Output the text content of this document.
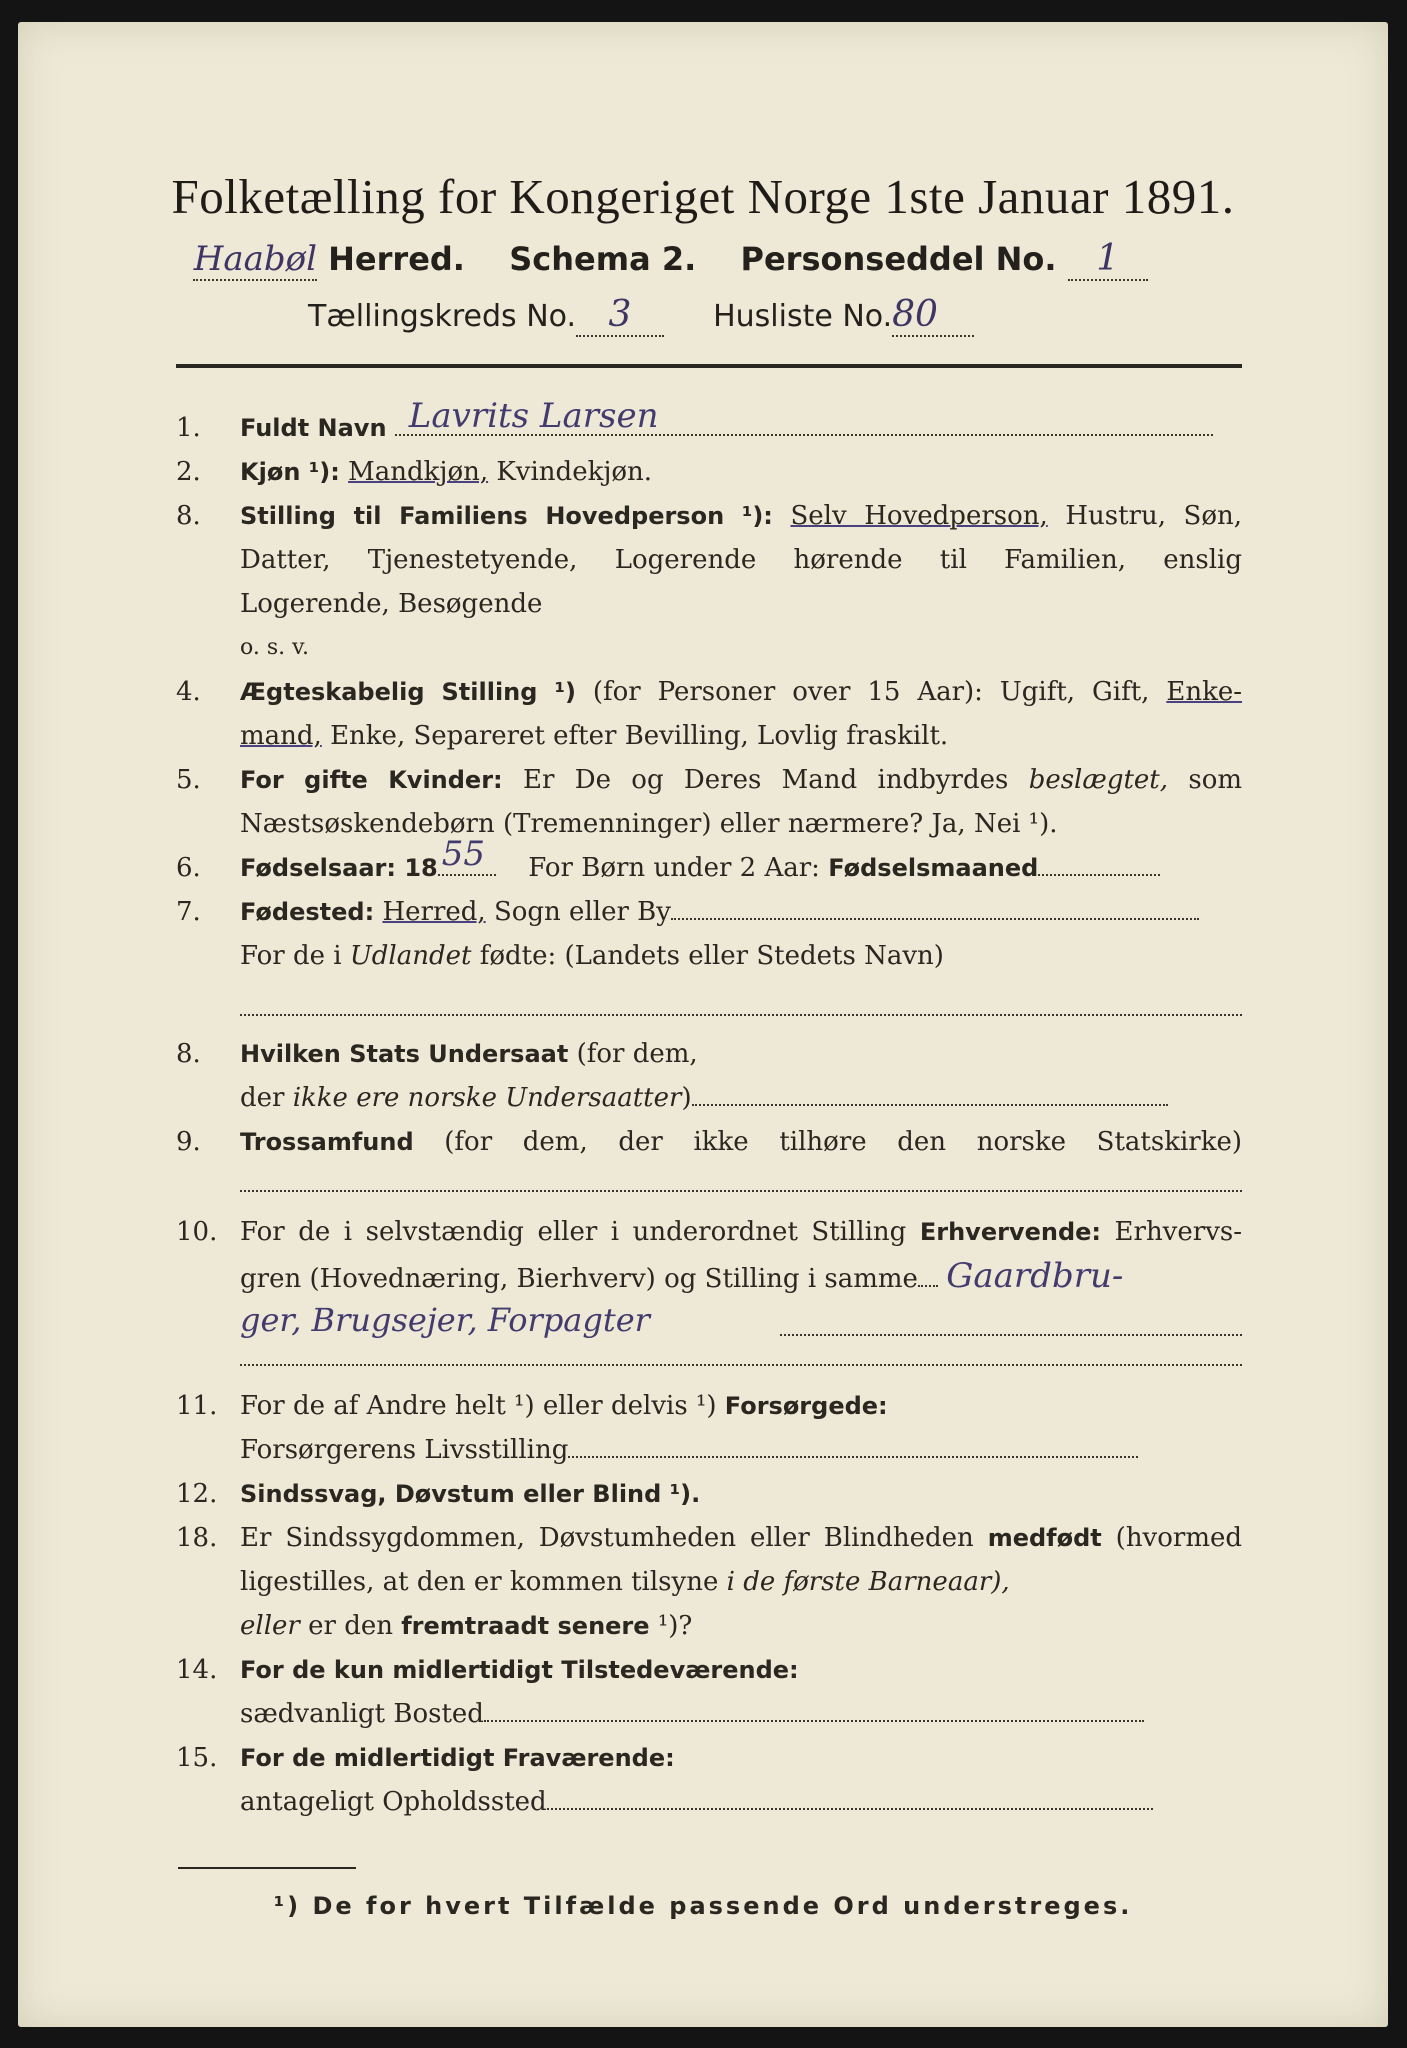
Folketælling for Kongeriget Norge 1ste Januar 1891.
Haabøl Herred. Schema 2. Personseddel No. 1
Tællingskreds No. 3	Husliste No.80
1.	Fuldt Navn Lavrits Larsen
2.	Kjøn ¹): Mandkjøn, Kvindekjøn.
8.	Stilling til Familiens Hovedperson ¹): Selv Hovedperson, Hustru, Søn,
Datter, Tjenestetyende, Logerende hørende til Familien, enslig
Logerende, Besøgende
o. s. v.
4.	Ægteskabelig Stilling ¹) (for Personer over 15 Aar): Ugift, Gift, Enke-
mand, Enke, Separeret efter Bevilling, Lovlig fraskilt.
5.	For gifte Kvinder: Er De og Deres Mand indbyrdes beslægtet, som
Næstsøskendebørn (Tremenninger) eller nærmere? Ja, Nei ¹).
6.	Fødselsaar: 18 55 For Børn under 2 Aar: Fødselsmaaned
7.	Fødested: Herred, Sogn eller By
For de i Udlandet fødte: (Landets eller Stedets Navn)
8.	Hvilken Stats Undersaat (for dem,
der ikke ere norske Undersaatter)
9.	Trossamfund (for dem, der ikke tilhøre den norske Statskirke)
10. For de i selvstændig eller i underordnet Stilling Erhvervende: Erhvervs-
gren (Hovednæring, Bierhverv) og Stilling i samme Gaardbru-
ger, Brugsejer, Forpagter
11. For de af Andre helt ¹) eller delvis ¹) Forsørgede:
Forsørgerens Livsstilling
12. Sindssvag, Døvstum eller Blind ¹).
18. Er Sindssygdommen, Døvstumheden eller Blindheden medfødt (hvormed
ligestilles, at den er kommen tilsyne i de første Barneaar),
eller er den fremtraadt senere ¹)?
14. For de kun midlertidigt Tilstedeværende:
sædvanligt Bosted
15. For de midlertidigt Fraværende:
antageligt Opholdssted
¹) De for hvert Tilfælde passende Ord understreges.
